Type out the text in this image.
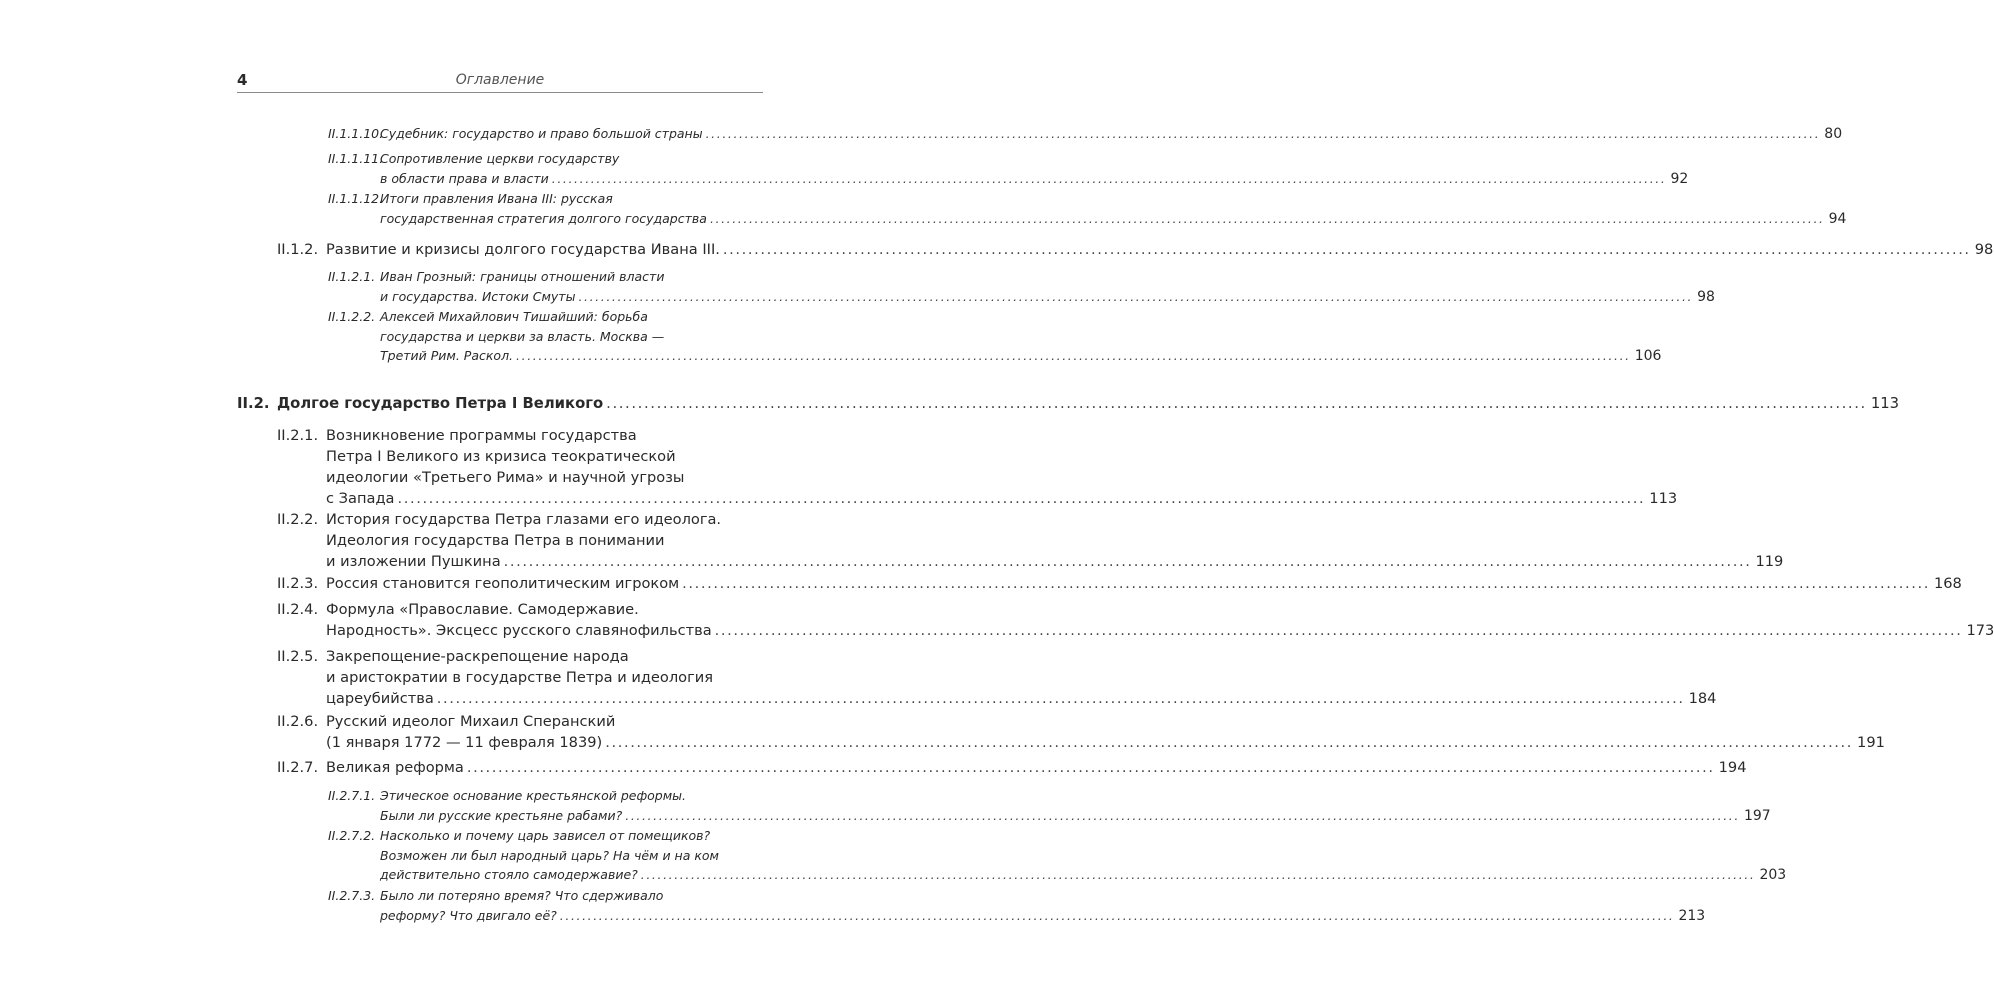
4	Оглавление
II.1.1.10.
Судебник: государство и право большой страны ........................................................................................................................................................................................................ 80
II.1.1.11.
Сопротивление церкви государству
в области права и власти ........................................................................................................................................................................................................ 92
II.1.1.12.
Итоги правления Ивана III: русская
государственная стратегия долгого государства ........................................................................................................................................................................................................ 94
II.1.2. Развитие и кризисы долгого государства Ивана III. ........................................................................................................................................................................................................ 98
II.1.2.1. Иван Грозный: границы отношений власти
и государства. Истоки Смуты ........................................................................................................................................................................................................ 98
II.1.2.2. Алексей Михайлович Тишайший: борьба
государства и церкви за власть. Москва —
Третий Рим. Раскол. ........................................................................................................................................................................................................ 106
II.2. Долгое государство Петра I Великого ........................................................................................................................................................................................................ 113
II.2.1. Возникновение программы государства
Петра I Великого из кризиса теократической
идеологии «Третьего Рима» и научной угрозы
с Запада ........................................................................................................................................................................................................ 113
II.2.2. История государства Петра глазами его идеолога.
Идеология государства Петра в понимании
и изложении Пушкина ........................................................................................................................................................................................................ 119
II.2.3. Россия становится геополитическим игроком ........................................................................................................................................................................................................ 168
II.2.4. Формула «Православие. Самодержавие.
Народность». Эксцесс русского славянофильства ........................................................................................................................................................................................................ 173
II.2.5. Закрепощение-раскрепощение народа
и аристократии в государстве Петра и идеология
цареубийства ........................................................................................................................................................................................................ 184
II.2.6. Русский идеолог Михаил Сперанский
(1 января 1772 — 11 февраля 1839) ........................................................................................................................................................................................................ 191
II.2.7. Великая реформа ........................................................................................................................................................................................................ 194
II.2.7.1. Этическое основание крестьянской реформы.
Были ли русские крестьяне рабами? ........................................................................................................................................................................................................ 197
II.2.7.2. Насколько и почему царь зависел от помещиков?
Возможен ли был народный царь? На чём и на ком
действительно стояло самодержавие? ........................................................................................................................................................................................................ 203
II.2.7.3. Было ли потеряно время? Что сдерживало
реформу? Что двигало её? ........................................................................................................................................................................................................ 213
